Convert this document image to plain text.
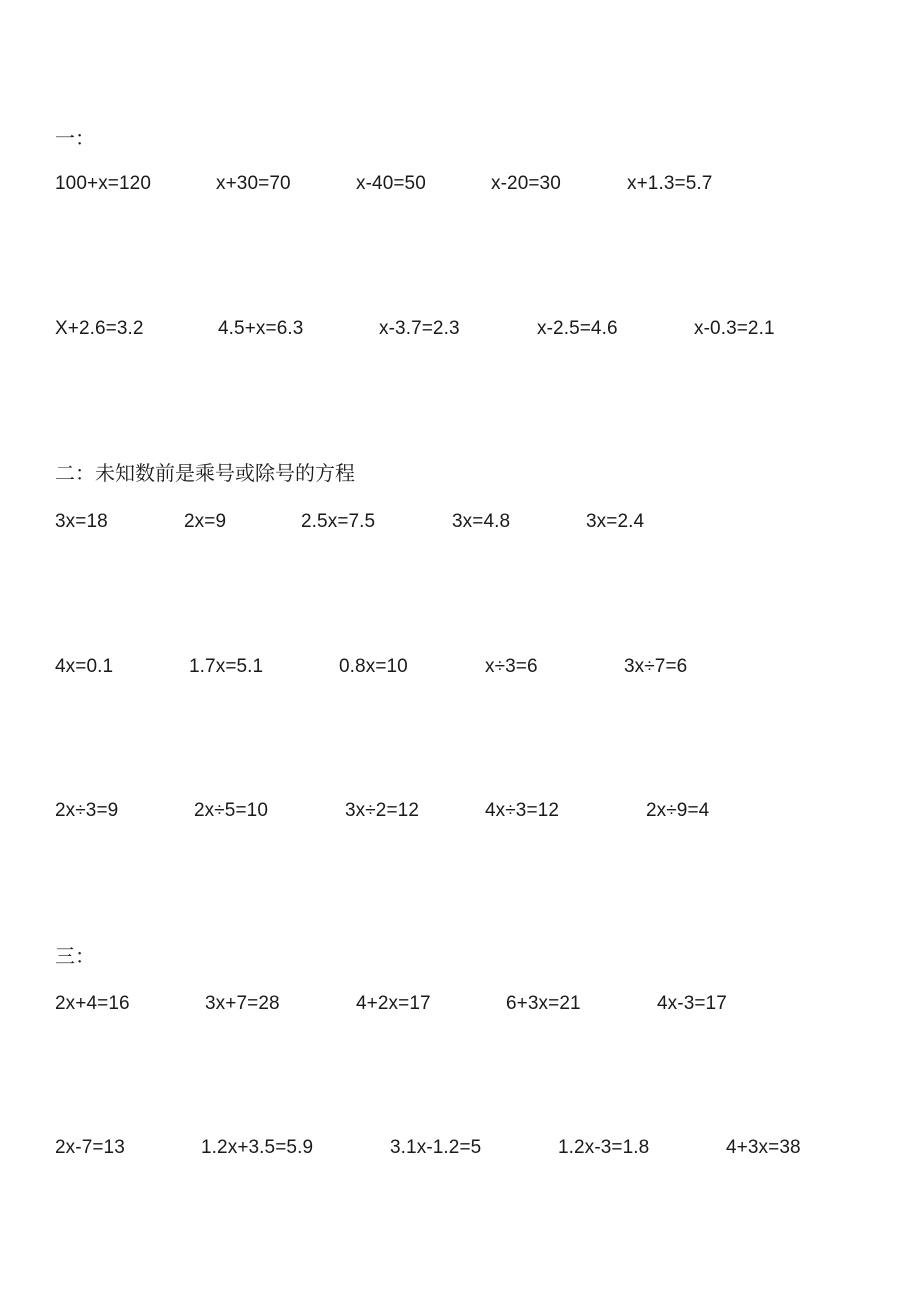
一：
100+x=120	x+30=70	x-40=50	x-20=30	x+1.3=5.7
X+2.6=3.2	4.5+x=6.3	x-3.7=2.3	x-2.5=4.6	x-0.3=2.1
二：未知数前是乘号或除号的方程
3x=18	2x=9	2.5x=7.5	3x=4.8	3x=2.4
4x=0.1	1.7x=5.1	0.8x=10	x÷3=6	3x÷7=6
2x÷3=9	2x÷5=10	3x÷2=12	4x÷3=12	2x÷9=4
三：
2x+4=16	3x+7=28	4+2x=17	6+3x=21	4x-3=17
2x-7=13	1.2x+3.5=5.9	3.1x-1.2=5	1.2x-3=1.8	4+3x=38
